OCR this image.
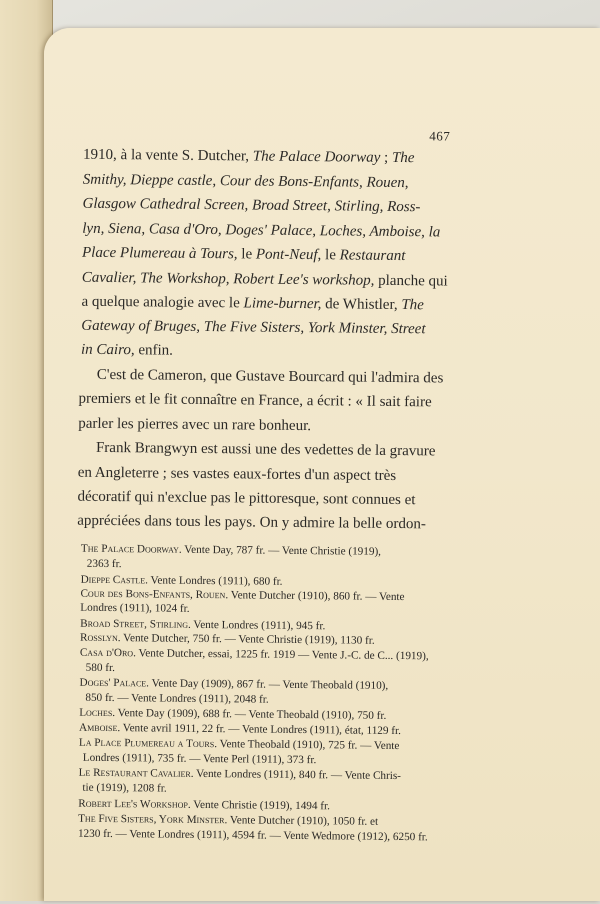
467
1910, à la vente S. Dutcher, The Palace Doorway ; The
Smithy, Dieppe castle, Cour des Bons-Enfants, Rouen,
Glasgow Cathedral Screen, Broad Street, Stirling, Ross-
lyn, Siena, Casa d'Oro, Doges' Palace, Loches, Amboise, la
Place Plumereau à Tours, le Pont-Neuf, le Restaurant
Cavalier, The Workshop, Robert Lee's workshop, planche qui
a quelque analogie avec le Lime-burner, de Whistler, The
Gateway of Bruges, The Five Sisters, York Minster, Street
in Cairo, enfin.
C'est de Cameron, que Gustave Bourcard qui l'admira des
premiers et le fit connaître en France, a écrit : « Il sait faire
parler les pierres avec un rare bonheur.
Frank Brangwyn est aussi une des vedettes de la gravure
en Angleterre ; ses vastes eaux-fortes d'un aspect très
décoratif qui n'exclue pas le pittoresque, sont connues et
appréciées dans tous les pays. On y admire la belle ordon-
The Palace Doorway. Vente Day, 787 fr. — Vente Christie (1919),
2363 fr.
Dieppe Castle. Vente Londres (1911), 680 fr.
Cour des Bons-Enfants, Rouen. Vente Dutcher (1910), 860 fr. — Vente
Londres (1911), 1024 fr.
Broad Street, Stirling. Vente Londres (1911), 945 fr.
Rosslyn. Vente Dutcher, 750 fr. — Vente Christie (1919), 1130 fr.
Casa d'Oro. Vente Dutcher, essai, 1225 fr. 1919 — Vente J.-C. de C... (1919),
580 fr.
Doges' Palace. Vente Day (1909), 867 fr. — Vente Theobald (1910),
850 fr. — Vente Londres (1911), 2048 fr.
Loches. Vente Day (1909), 688 fr. — Vente Theobald (1910), 750 fr.
Amboise. Vente avril 1911, 22 fr. — Vente Londres (1911), état, 1129 fr.
La Place Plumereau a Tours. Vente Theobald (1910), 725 fr. — Vente
Londres (1911), 735 fr. — Vente Perl (1911), 373 fr.
Le Restaurant Cavalier. Vente Londres (1911), 840 fr. — Vente Chris-
tie (1919), 1208 fr.
Robert Lee's Workshop. Vente Christie (1919), 1494 fr.
The Five Sisters, York Minster. Vente Dutcher (1910), 1050 fr. et
1230 fr. — Vente Londres (1911), 4594 fr. — Vente Wedmore (1912), 6250 fr.
